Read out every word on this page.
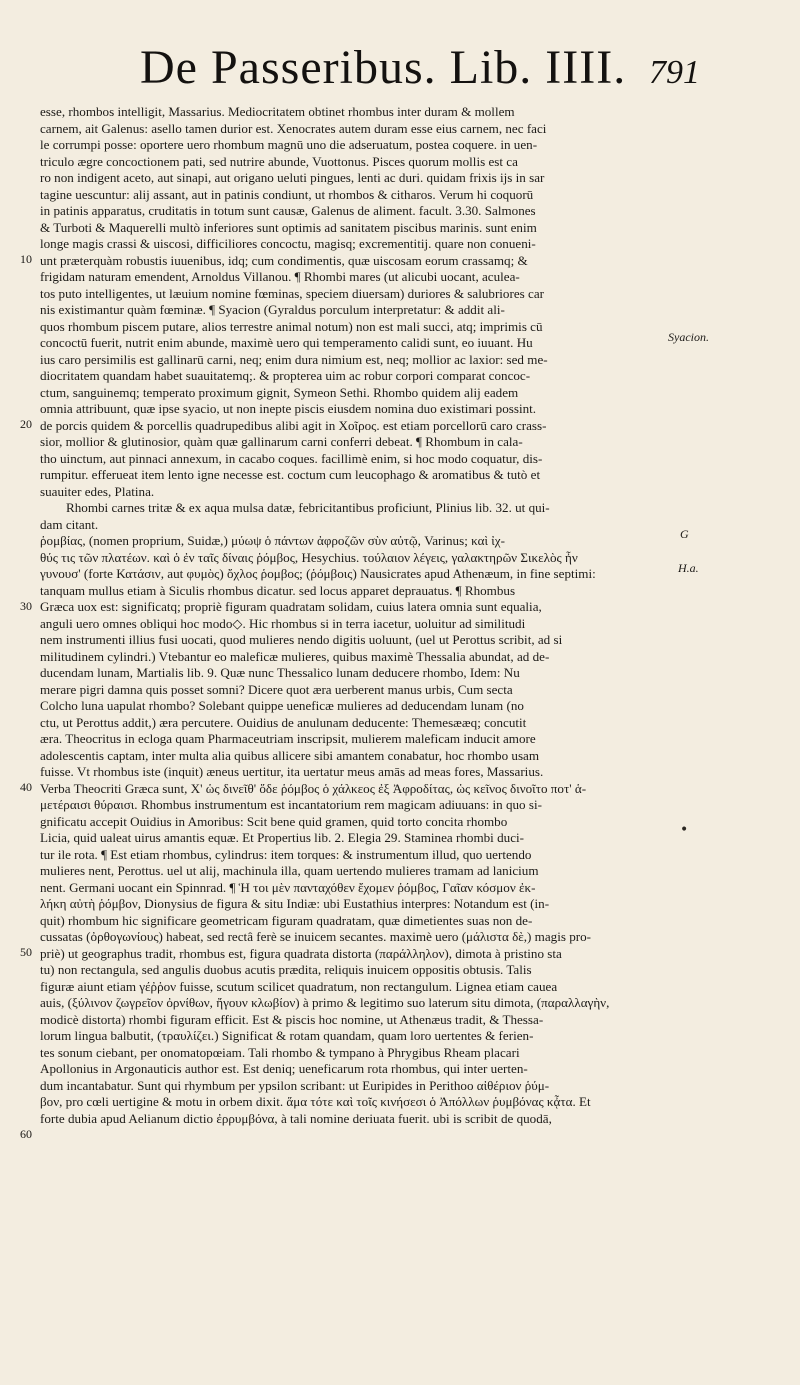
De Passeribus. Lib. IIII. 791
10
20
30
40
50
60
esse, rhombos intelligit, Massarius. Mediocritatem obtinet rhombus inter duram & mollem
carnem, ait Galenus: asello tamen durior est. Xenocrates autem duram esse eius carnem, nec faci
le corrumpi posse: oportere uero rhombum magnū uno die adseruatum, postea coquere. in uen-
triculo ægre concoctionem pati, sed nutrire abunde, Vuottonus. Pisces quorum mollis est ca
ro non indigent aceto, aut sinapi, aut origano ueluti pingues, lenti ac duri. quidam frixis ijs in sar
tagine uescuntur: alij assant, aut in patinis condiunt, ut rhombos & citharos. Verum hi coquorū
in patinis apparatus, cruditatis in totum sunt causæ, Galenus de aliment. facult. 3.30. Salmones
& Turboti & Maquerelli multò inferiores sunt optimis ad sanitatem piscibus marinis. sunt enim
longe magis crassi & uiscosi, difficiliores concoctu, magisq; excrementitij. quare non conueni-
unt præterquàm robustis iuuenibus, idq; cum condimentis, quæ uiscosam eorum crassamq; &
frigidam naturam emendent, Arnoldus Villanou. ¶ Rhombi mares (ut alicubi uocant, aculea-
tos puto intelligentes, ut læuium nomine fœminas, speciem diuersam) duriores & salubriores car
nis existimantur quàm fœminæ. ¶ Syacion (Gyraldus porculum interpretatur: & addit ali-
quos rhombum piscem putare, alios terrestre animal notum) non est mali succi, atq; imprimis cū
concoctū fuerit, nutrit enim abunde, maximè uero qui temperamento calidi sunt, eo iuuant. Hu
ius caro persimilis est gallinarū carni, neq; enim dura nimium est, neq; mollior ac laxior: sed me-
diocritatem quandam habet suauitatemq;. & propterea uim ac robur corpori comparat concoc-
ctum, sanguinemq; temperato proximum gignit, Symeon Sethi. Rhombo quidem alij eadem
omnia attribuunt, quæ ipse syacio, ut non inepte piscis eiusdem nomina duo existimari possint.
de porcis quidem & porcellis quadrupedibus alibi agit in Χοῖρος. est etiam porcellorū caro crass-
sior, mollior & glutinosior, quàm quæ gallinarum carni conferri debeat. ¶ Rhombum in cala-
tho uinctum, aut pinnaci annexum, in cacabo coques. facillimè enim, si hoc modo coquatur, dis-
rumpitur. efferueat item lento igne necesse est. coctum cum leucophago & aromatibus & tutò et
suauiter edes, Platina.
Rhombi carnes tritæ & ex aqua mulsa datæ, febricitantibus proficiunt, Plinius lib. 32. ut qui-
dam citant.
ῥομβίας, (nomen proprium, Suidæ,) μύωψ ὁ πάντων ἀφροζῶν σὺν αὐτῷ, Varinus; καὶ ἰχ-
θύς τις τῶν πλατέων. καὶ ὁ ἐν ταῖς δίναις ῥόμβος, Hesychius. τούλαιον λέγεις, γαλακτηρῶν Σικελὸς ἦν
γυνουσ' (forte Κατάσιν, aut φυμὸς) ὄχλος ῥομβος; (ῥόμβοις) Nausicrates apud Athenæum, in fine septimi:
tanquam mullus etiam à Siculis rhombus dicatur. sed locus apparet deprauatus. ¶ Rhombus
Græca uox est: significatq; propriè figuram quadratam solidam, cuius latera omnia sunt equalia,
anguli uero omnes obliqui hoc modo◇. Hic rhombus si in terra iacetur, uoluitur ad similitudi
nem instrumenti illius fusi uocati, quod mulieres nendo digitis uoluunt, (uel ut Perottus scribit, ad si
militudinem cylindri.) Vtebantur eo maleficæ mulieres, quibus maximè Thessalia abundat, ad de-
ducendam lunam, Martialis lib. 9. Quæ nunc Thessalico lunam deducere rhombo, Idem: Nu
merare pigri damna quis posset somni? Dicere quot æra uerberent manus urbis, Cum secta
Colcho luna uapulat rhombo? Solebant quippe ueneficæ mulieres ad deducendam lunam (no
ctu, ut Perottus addit,) æra percutere. Ouidius de anulunam deducente: Themesææq; concutit
æra. Theocritus in ecloga quam Pharmaceutriam inscripsit, mulierem maleficam inducit amore
adolescentis captam, inter multa alia quibus allicere sibi amantem conabatur, hoc rhombo usam
fuisse. Vt rhombus iste (inquit) æneus uertitur, ita uertatur meus amās ad meas fores, Massarius.
Verba Theocriti Græca sunt, Χ' ὡς δινεῖθ' ὅδε ῥόμβος ὁ χάλκεος ἐξ Ἀφροδίτας, ὡς κεῖνος δινοῖτο ποτ' ἁ-
μετέραισι θύραισι. Rhombus instrumentum est incantatorium rem magicam adiuuans: in quo si-
gnificatu accepit Ouidius in Amoribus: Scit bene quid gramen, quid torto concita rhombo
Licia, quid ualeat uirus amantis equæ. Et Propertius lib. 2. Elegia 29. Staminea rhombi duci-
tur ile rota. ¶ Est etiam rhombus, cylindrus: item torques: & instrumentum illud, quo uertendo
mulieres nent, Perottus. uel ut alij, machinula illa, quam uertendo mulieres tramam ad lanicium
nent. Germani uocant ein Spinnrad. ¶ Ἡ τοι μὲν πανταχόθεν ἔχομεν ῥόμβος, Γαῖαν κόσμον ἐκ-
λήκη αὐτὴ ῥόμβον, Dionysius de figura & situ Indiæ: ubi Eustathius interpres: Notandum est (in-
quit) rhombum hic significare geometricam figuram quadratam, quæ dimetientes suas non de-
cussatas (ὀρθογωνίους) habeat, sed rectâ ferè se inuicem secantes. maximè uero (μάλιστα δὲ,) magis pro-
priè) ut geographus tradit, rhombus est, figura quadrata distorta (παράλληλον), dimota à pristino sta
tu) non rectangula, sed angulis duobus acutis prædita, reliquis inuicem oppositis obtusis. Talis
figuræ aiunt etiam γέῤῥον fuisse, scutum scilicet quadratum, non rectangulum. Lignea etiam cauea
auis, (ξύλινον ζωγρεῖον ὀρνίθων, ἤγουν κλωβίον) à primo & legitimo suo laterum situ dimota, (παραλλαγὴν,
modicè distorta) rhombi figuram efficit. Est & piscis hoc nomine, ut Athenæus tradit, & Thessa-
lorum lingua balbutit, (τραυλίζει.) Significat & rotam quandam, quam loro uertentes & ferien-
tes sonum ciebant, per onomatopœiam. Tali rhombo & tympano à Phrygibus Rheam placari
Apollonius in Argonauticis author est. Est deniq; ueneficarum rota rhombus, qui inter uerten-
dum incantabatur. Sunt qui rhymbum per ypsilon scribant: ut Euripides in Perithoo αἰθέριον ῥύμ-
βον, pro cœli uertigine & motu in orbem dixit. ἅμα τότε καὶ τοῖς κινήσεσι ὁ Ἀπόλλων ῥυμβόνας κᾆτα. Et
forte dubia apud Aelianum dictio ἐρρυμβόνα, à tali nomine deriuata fuerit. ubi is scribit de quodā,
Syacion.
G
H.a.
•
